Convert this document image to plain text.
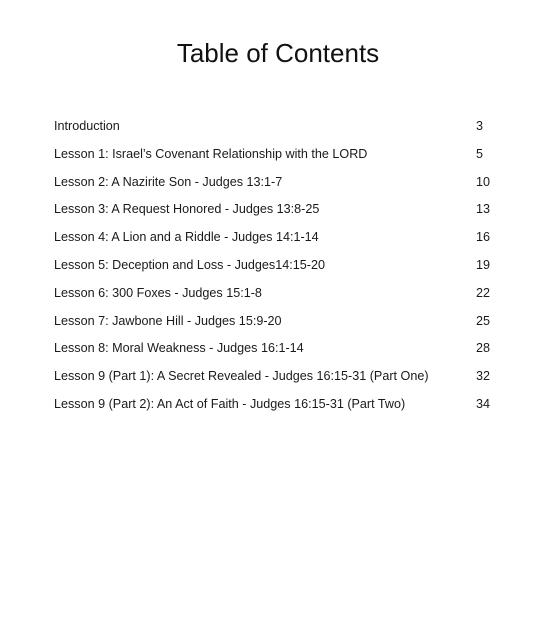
Table of Contents
Introduction	3
Lesson 1: Israel’s Covenant Relationship with the LORD	5
Lesson 2: A Nazirite Son - Judges 13:1-7	10
Lesson 3: A Request Honored - Judges 13:8-25	13
Lesson 4: A Lion and a Riddle - Judges 14:1-14	16
Lesson 5: Deception and Loss - Judges14:15-20	19
Lesson 6: 300 Foxes - Judges 15:1-8	22
Lesson 7: Jawbone Hill - Judges 15:9-20	25
Lesson 8: Moral Weakness - Judges 16:1-14	28
Lesson 9 (Part 1): A Secret Revealed - Judges 16:15-31 (Part One)	32
Lesson 9 (Part 2): An Act of Faith - Judges 16:15-31 (Part Two)	34
